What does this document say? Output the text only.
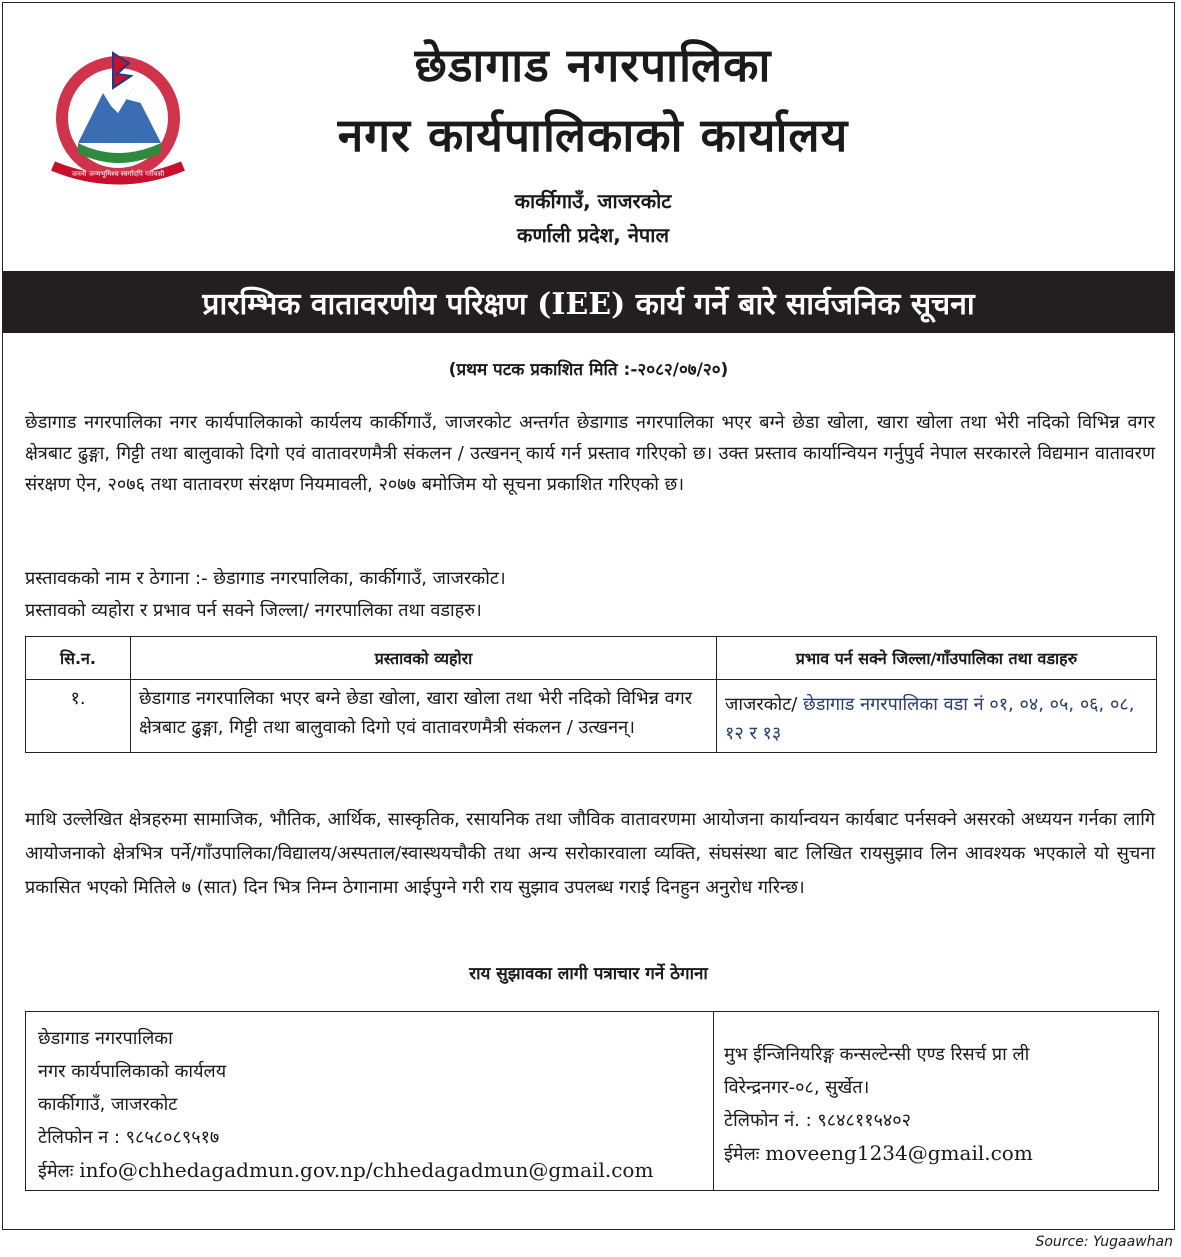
जननी जन्मभूमिश्च स्वर्गादपि गरीयसी
छेडागाड नगरपालिका
नगर कार्यपालिकाको कार्यालय
कार्कीगाउँ, जाजरकोट
कर्णाली प्रदेश, नेपाल
प्रारम्भिक वातावरणीय परिक्षण (IEE) कार्य गर्ने बारे सार्वजनिक सूचना
(प्रथम पटक प्रकाशित मिति :-२०८२/०७/२०)
छेडागाड नगरपालिका नगर कार्यपालिकाको कार्यलय कार्कीगाउँ, जाजरकोट अन्तर्गत छेडागाड नगरपालिका भएर बग्ने छेडा खोला, खारा खोला तथा भेरी नदिको विभिन्न वगर क्षेत्रबाट ढुङ्गा, गिट्टी तथा बालुवाको दिगो एवं वातावरणमैत्री संकलन / उत्खनन् कार्य गर्न प्रस्ताव गरिएको छ। उक्त प्रस्ताव कार्यान्वियन गर्नुपुर्व नेपाल सरकारले विद्यमान वातावरण संरक्षण ऐन, २०७६ तथा वातावरण संरक्षण नियमावली, २०७७ बमोजिम यो सूचना प्रकाशित गरिएको छ।
प्रस्तावकको नाम र ठेगाना :- छेडागाड नगरपालिका, कार्कीगाउँ, जाजरकोट।
प्रस्तावको व्यहोरा र प्रभाव पर्न सक्ने जिल्ला/ नगरपालिका तथा वडाहरु।
सि.न.	प्रस्तावको व्यहोरा	प्रभाव पर्न सक्ने जिल्ला/गाँउपालिका तथा वडाहरु
१.	छेडागाड नगरपालिका भएर बग्ने छेडा खोला, खारा खोला तथा भेरी नदिको विभिन्न वगर क्षेत्रबाट ढुङ्गा, गिट्टी तथा बालुवाको दिगो एवं वातावरणमैत्री संकलन / उत्खनन्।	जाजरकोट/ छेडागाड नगरपालिका वडा नं ०१, ०४, ०५, ०६, ०८, १२ र १३
माथि उल्लेखित क्षेत्रहरुमा सामाजिक, भौतिक, आर्थिक, सास्कृतिक, रसायनिक तथा जौविक वातावरणमा आयोजना कार्यान्वयन कार्यबाट पर्नसक्ने असरको अध्ययन गर्नका लागि आयोजनाको क्षेत्रभित्र पर्ने/गाँउपालिका/विद्यालय/अस्पताल/स्वास्थयचौकी तथा अन्य सरोकारवाला व्यक्ति, संघसंस्था बाट लिखित रायसुझाव लिन आवश्यक भएकाले यो सुचना प्रकासित भएको मितिले ७ (सात) दिन भित्र निम्न ठेगानामा आईपुग्ने गरी राय सुझाव उपलब्ध गराई दिनहुन अनुरोध गरिन्छ।
राय सुझावका लागी पत्राचार गर्ने ठेगाना
छेडागाड नगरपालिका
नगर कार्यपालिकाको कार्यलय
कार्कीगाउँ, जाजरकोट
टेलिफोन न : ९८५८०८९५१७
ईमेलः info@chhedagadmun.gov.np/chhedagadmun@gmail.com
मुभ ईन्जिनियरिङ्ग कन्सल्टेन्सी एण्ड रिसर्च प्रा ली
विरेन्द्रनगर-०८, सुर्खेत।
टेलिफोन नं. : ९८४८११५४०२
ईमेलः moveeng1234@gmail.com
Source: Yugaawhan
